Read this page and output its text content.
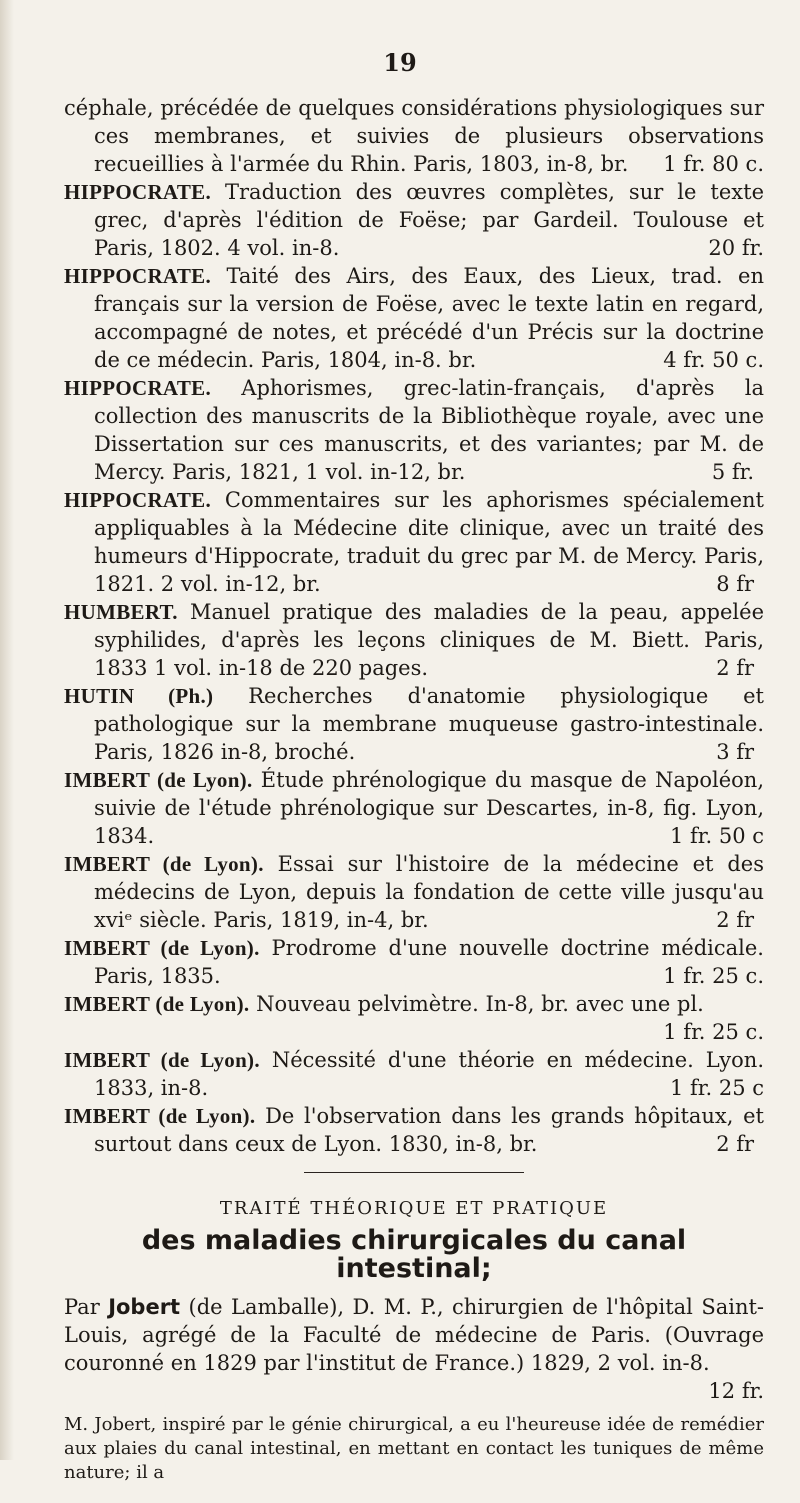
19

céphale, précédée de quelques considérations physiologiques sur ces membranes, et suivies de plusieurs observations recueillies à l'armée du Rhin. Paris, 1803, in-8, br. 1 fr. 80 c.

HIPPOCRATE. Traduction des œuvres complètes, sur le texte grec, d'après l'édition de Foëse; par Gardeil. Toulouse et Paris, 1802. 4 vol. in-8.	20 fr.

HIPPOCRATE. Taité des Airs, des Eaux, des Lieux, trad. en français sur la version de Foëse, avec le texte latin en regard, accompagné de notes, et précédé d'un Précis sur la doctrine de ce médecin. Paris, 1804, in-8. br.	4 fr. 50 c.

HIPPOCRATE. Aphorismes, grec-latin-français, d'après la collection des manuscrits de la Bibliothèque royale, avec une Dissertation sur ces manuscrits, et des variantes; par M. de Mercy. Paris, 1821, 1 vol. in-12, br.	5 fr.

HIPPOCRATE. Commentaires sur les aphorismes spécialement appliquables à la Médecine dite clinique, avec un traité des humeurs d'Hippocrate, traduit du grec par M. de Mercy. Paris, 1821. 2 vol. in-12, br.	8 fr

HUMBERT. Manuel pratique des maladies de la peau, appelée syphilides, d'après les leçons cliniques de M. Biett. Paris, 1833 1 vol. in-18 de 220 pages.	2 fr

HUTIN (Ph.) Recherches d'anatomie physiologique et pathologique sur la membrane muqueuse gastro-intestinale. Paris, 1826 in-8, broché.	3 fr

IMBERT (de Lyon). Étude phrénologique du masque de Napoléon, suivie de l'étude phrénologique sur Descartes, in-8, fig. Lyon, 1834.	1 fr. 50 c

IMBERT (de Lyon). Essai sur l'histoire de la médecine et des médecins de Lyon, depuis la fondation de cette ville jusqu'au xviᵉ siècle. Paris, 1819, in-4, br.	2 fr

IMBERT (de Lyon). Prodrome d'une nouvelle doctrine médicale. Paris, 1835.	1 fr. 25 c.

IMBERT (de Lyon). Nouveau pelvimètre. In-8, br. avec une pl.
1 fr. 25 c.

IMBERT (de Lyon). Nécessité d'une théorie en médecine. Lyon. 1833, in-8.	1 fr. 25 c

IMBERT (de Lyon). De l'observation dans les grands hôpitaux, et surtout dans ceux de Lyon. 1830, in-8, br.	2 fr

TRAITÉ THÉORIQUE ET PRATIQUE
des maladies chirurgicales du canal intestinal;

Par Jobert (de Lamballe), D. M. P., chirurgien de l'hôpital Saint-Louis, agrégé de la Faculté de médecine de Paris. (Ouvrage couronné en 1829 par l'institut de France.) 1829, 2 vol. in-8.
12 fr.

M. Jobert, inspiré par le génie chirurgical, a eu l'heureuse idée de remédier aux plaies du canal intestinal, en mettant en contact les tuniques de même nature; il a
